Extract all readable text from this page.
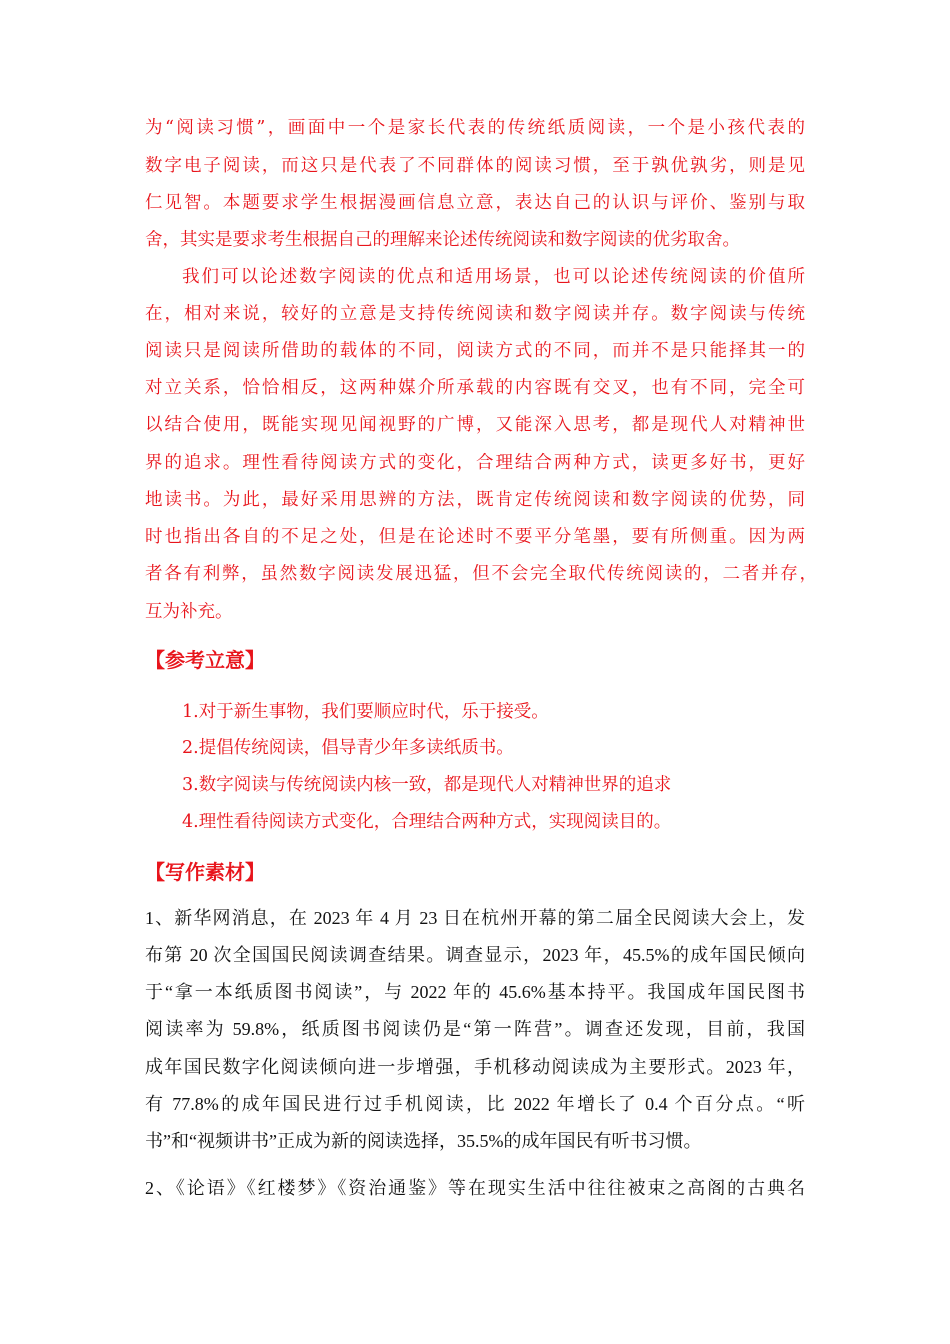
为“阅读习惯”，画面中一个是家长代表的传统纸质阅读，一个是小孩代表的
数字电子阅读，而这只是代表了不同群体的阅读习惯，至于孰优孰劣，则是见
仁见智。本题要求学生根据漫画信息立意，表达自己的认识与评价、鉴别与取
舍，其实是要求考生根据自己的理解来论述传统阅读和数字阅读的优劣取舍。
我们可以论述数字阅读的优点和适用场景，也可以论述传统阅读的价值所
在，相对来说，较好的立意是支持传统阅读和数字阅读并存。数字阅读与传统
阅读只是阅读所借助的载体的不同，阅读方式的不同，而并不是只能择其一的
对立关系，恰恰相反，这两种媒介所承载的内容既有交叉，也有不同，完全可
以结合使用，既能实现见闻视野的广博，又能深入思考，都是现代人对精神世
界的追求。理性看待阅读方式的变化，合理结合两种方式，读更多好书，更好
地读书。为此，最好采用思辨的方法，既肯定传统阅读和数字阅读的优势，同
时也指出各自的不足之处，但是在论述时不要平分笔墨，要有所侧重。因为两
者各有利弊，虽然数字阅读发展迅猛，但不会完全取代传统阅读的，二者并存，
互为补充。
【参考立意】
1.对于新生事物，我们要顺应时代，乐于接受。
2.提倡传统阅读，倡导青少年多读纸质书。
3.数字阅读与传统阅读内核一致，都是现代人对精神世界的追求
4.理性看待阅读方式变化，合理结合两种方式，实现阅读目的。
【写作素材】
1、新华网消息，在 2023 年 4 月 23 日在杭州开幕的第二届全民阅读大会上，发
布第 20 次全国国民阅读调查结果。调查显示，2023 年，45.5%的成年国民倾向
于“拿一本纸质图书阅读”，与 2022 年的 45.6%基本持平。我国成年国民图书
阅读率为 59.8%，纸质图书阅读仍是“第一阵营”。调查还发现，目前，我国
成年国民数字化阅读倾向进一步增强，手机移动阅读成为主要形式。2023 年，
有 77.8%的成年国民进行过手机阅读，比 2022 年增长了 0.4 个百分点。“听
书”和“视频讲书”正成为新的阅读选择，35.5%的成年国民有听书习惯。
2、《论语》《红楼梦》《资治通鉴》等在现实生活中往往被束之高阁的古典名
